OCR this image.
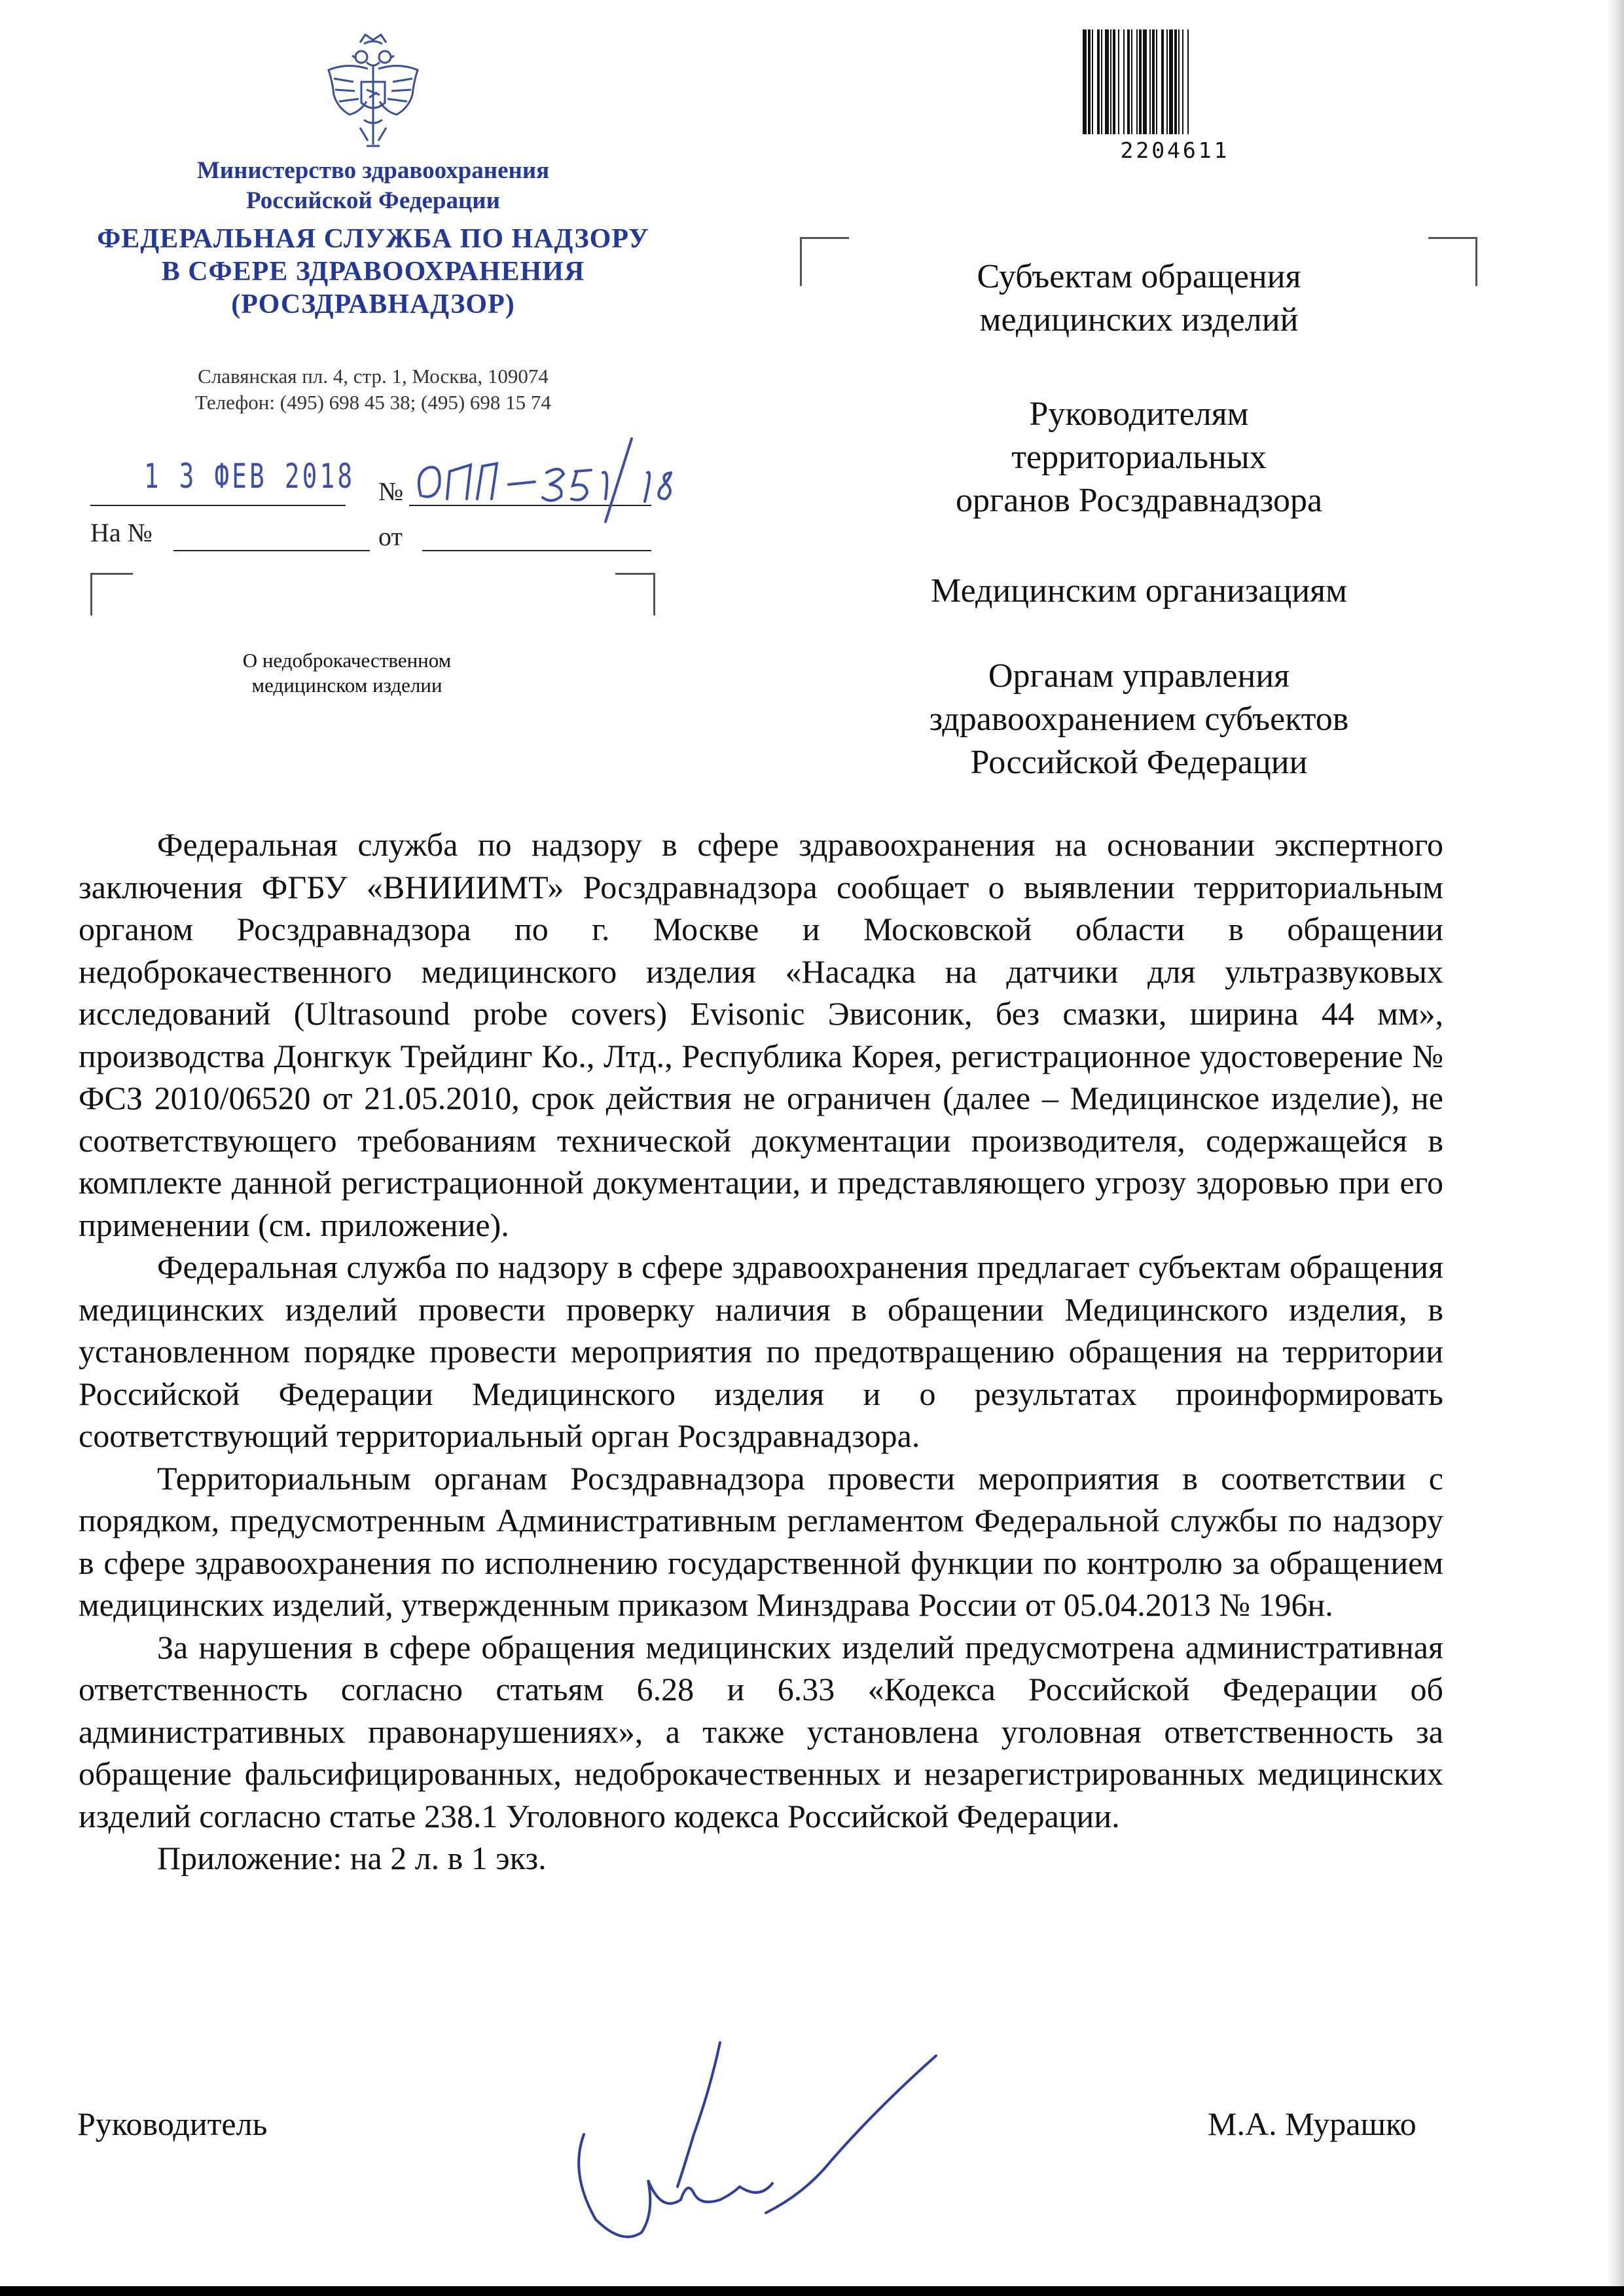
Министерство здравоохранения
Российской Федерации
ФЕДЕРАЛЬНАЯ СЛУЖБА ПО НАДЗОРУ
В СФЕРЕ ЗДРАВООХРАНЕНИЯ
(РОСЗДРАВНАДЗОР)
Славянская пл. 4, стр. 1, Москва, 109074
Телефон: (495) 698 45 38; (495) 698 15 74
1 3 ФЕВ 2018 №
На №	от
О недоброкачественном
медицинском изделии
2204611
Субъектам обращения
медицинских изделий
Руководителям
территориальных
органов Росздравнадзора
Медицинским организациям
Органам управления
здравоохранением субъектов
Российской Федерации

Федеральная служба по надзору в сфере здравоохранения на основании экспертного заключения ФГБУ «ВНИИИМТ» Росздравнадзора сообщает о выявлении территориальным органом Росздравнадзора по г. Москве и Московской области в обращении недоброкачественного медицинского изделия «Насадка на датчики для ультразвуковых исследований (Ultrasound probe covers) Evisonic Эвисоник, без смазки, ширина 44 мм», производства Донгкук Трейдинг Ко., Лтд., Республика Корея, регистрационное удостоверение № ФСЗ 2010/06520 от 21.05.2010, срок действия не ограничен (далее – Медицинское изделие), не соответствующего требованиям технической документации производителя, содержащейся в комплекте данной регистрационной документации, и представляющего угрозу здоровью при его применении (см. приложение).

Федеральная служба по надзору в сфере здравоохранения предлагает субъектам обращения медицинских изделий провести проверку наличия в обращении Медицинского изделия, в установленном порядке провести мероприятия по предотвращению обращения на территории Российской Федерации Медицинского изделия и о результатах проинформировать соответствующий территориальный орган Росздравнадзора.

Территориальным органам Росздравнадзора провести мероприятия в соответствии с порядком, предусмотренным Административным регламентом Федеральной службы по надзору в сфере здравоохранения по исполнению государственной функции по контролю за обращением медицинских изделий, утвержденным приказом Минздрава России от 05.04.2013 № 196н.

За нарушения в сфере обращения медицинских изделий предусмотрена административная ответственность согласно статьям 6.28 и 6.33 «Кодекса Российской Федерации об административных правонарушениях», а также установлена уголовная ответственность за обращение фальсифицированных, недоброкачественных и незарегистрированных медицинских изделий согласно статье 238.1 Уголовного кодекса Российской Федерации.

Приложение: на 2 л. в 1 экз.

Руководитель	М.А. Мурашко
